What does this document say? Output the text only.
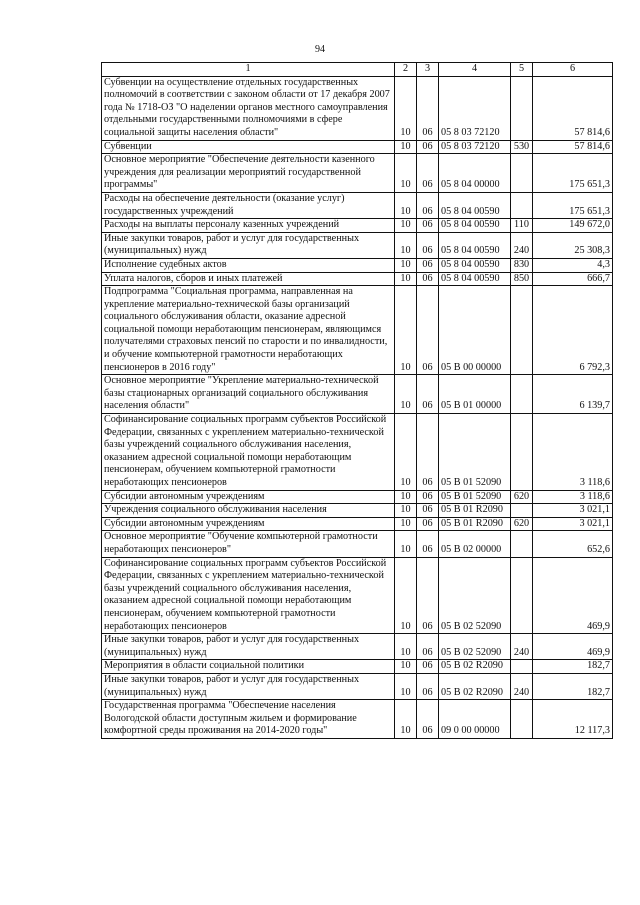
94
1	2	3	4	5	6
Субвенции на осуществление отдельных государственных полномочий в соответствии с законом области от 17 декабря 2007 года № 1718-ОЗ "О наделении органов местного самоуправления отдельными государственными полномочиями в сфере социальной защиты населения области"	10	06	05 8 03 72120		57 814,6
Субвенции	10	06	05 8 03 72120	530	57 814,6
Основное мероприятие "Обеспечение деятельности казенного учреждения для реализации мероприятий государственной программы"	10	06	05 8 04 00000		175 651,3
Расходы на обеспечение деятельности (оказание услуг) государственных учреждений	10	06	05 8 04 00590		175 651,3
Расходы на выплаты персоналу казенных учреждений	10	06	05 8 04 00590	110	149 672,0
Иные закупки товаров, работ и услуг для государственных (муниципальных) нужд	10	06	05 8 04 00590	240	25 308,3
Исполнение судебных актов	10	06	05 8 04 00590	830	4,3
Уплата налогов, сборов и иных платежей	10	06	05 8 04 00590	850	666,7
Подпрограмма "Социальная программа, направленная на укрепление материально-технической базы организаций социального обслуживания области, оказание адресной социальной помощи неработающим пенсионерам, являющимся получателями страховых пенсий по старости и по инвалидности, и обучение компьютерной грамотности неработающих пенсионеров в 2016 году"	10	06	05 B 00 00000		6 792,3
Основное мероприятие "Укрепление материально-технической базы стационарных организаций социального обслуживания населения области"	10	06	05 B 01 00000		6 139,7
Софинансирование социальных программ субъектов Российской Федерации, связанных с укреплением материально-технической базы учреждений социального обслуживания населения, оказанием адресной социальной помощи неработающим пенсионерам, обучением компьютерной грамотности неработающих пенсионеров	10	06	05 B 01 52090		3 118,6
Субсидии автономным учреждениям	10	06	05 B 01 52090	620	3 118,6
Учреждения социального обслуживания населения	10	06	05 B 01 R2090		3 021,1
Субсидии автономным учреждениям	10	06	05 B 01 R2090	620	3 021,1
Основное мероприятие "Обучение компьютерной грамотности неработающих пенсионеров"	10	06	05 B 02 00000		652,6
Софинансирование социальных программ субъектов Российской Федерации, связанных с укреплением материально-технической базы учреждений социального обслуживания населения, оказанием адресной социальной помощи неработающим пенсионерам, обучением компьютерной грамотности неработающих пенсионеров	10	06	05 B 02 52090		469,9
Иные закупки товаров, работ и услуг для государственных (муниципальных) нужд	10	06	05 B 02 52090	240	469,9
Мероприятия в области социальной политики	10	06	05 B 02 R2090		182,7
Иные закупки товаров, работ и услуг для государственных (муниципальных) нужд	10	06	05 B 02 R2090	240	182,7
Государственная программа "Обеспечение населения Вологодской области доступным жильем и формирование комфортной среды проживания на 2014-2020 годы"	10	06	09 0 00 00000		12 117,3
